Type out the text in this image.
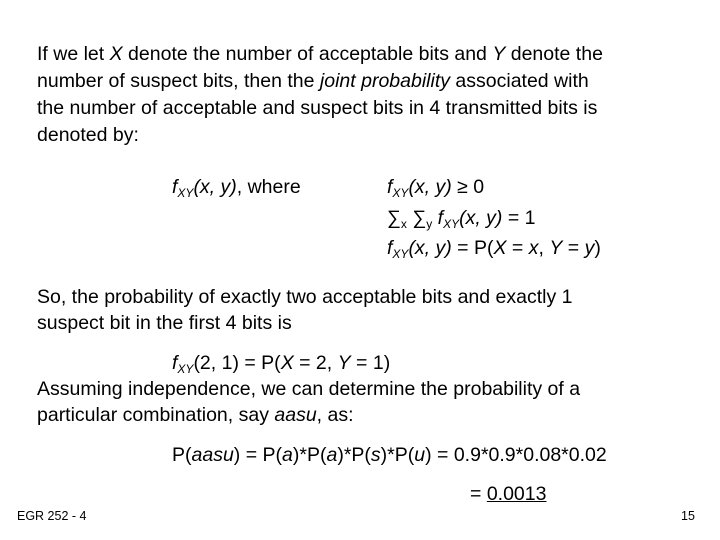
If we let X denote the number of acceptable bits and Y denote the
number of suspect bits, then the joint probability associated with
the number of acceptable and suspect bits in 4 transmitted bits is
denoted by:
$f_{XY}(x$, y), where	$f_{XY}(x$, y) ≥ 0
$\sum_x$ $\sum_y$ $f_{XY}(x$, y) = 1
$f_{XY}(x$, y) = P(X = x, Y = y)
So, the probability of exactly two acceptable bits and exactly 1
suspect bit in the first 4 bits is
$f_{XY}(2$, 1) = P(X = 2, Y = 1)
Assuming independence, we can determine the probability of a
particular combination, say aasu, as:
P(aasu) = P(a)*P(a)*P(s)*P(u) = 0.9*0.9*0.08*0.02
= 0.0013
EGR 252 - 4	15
